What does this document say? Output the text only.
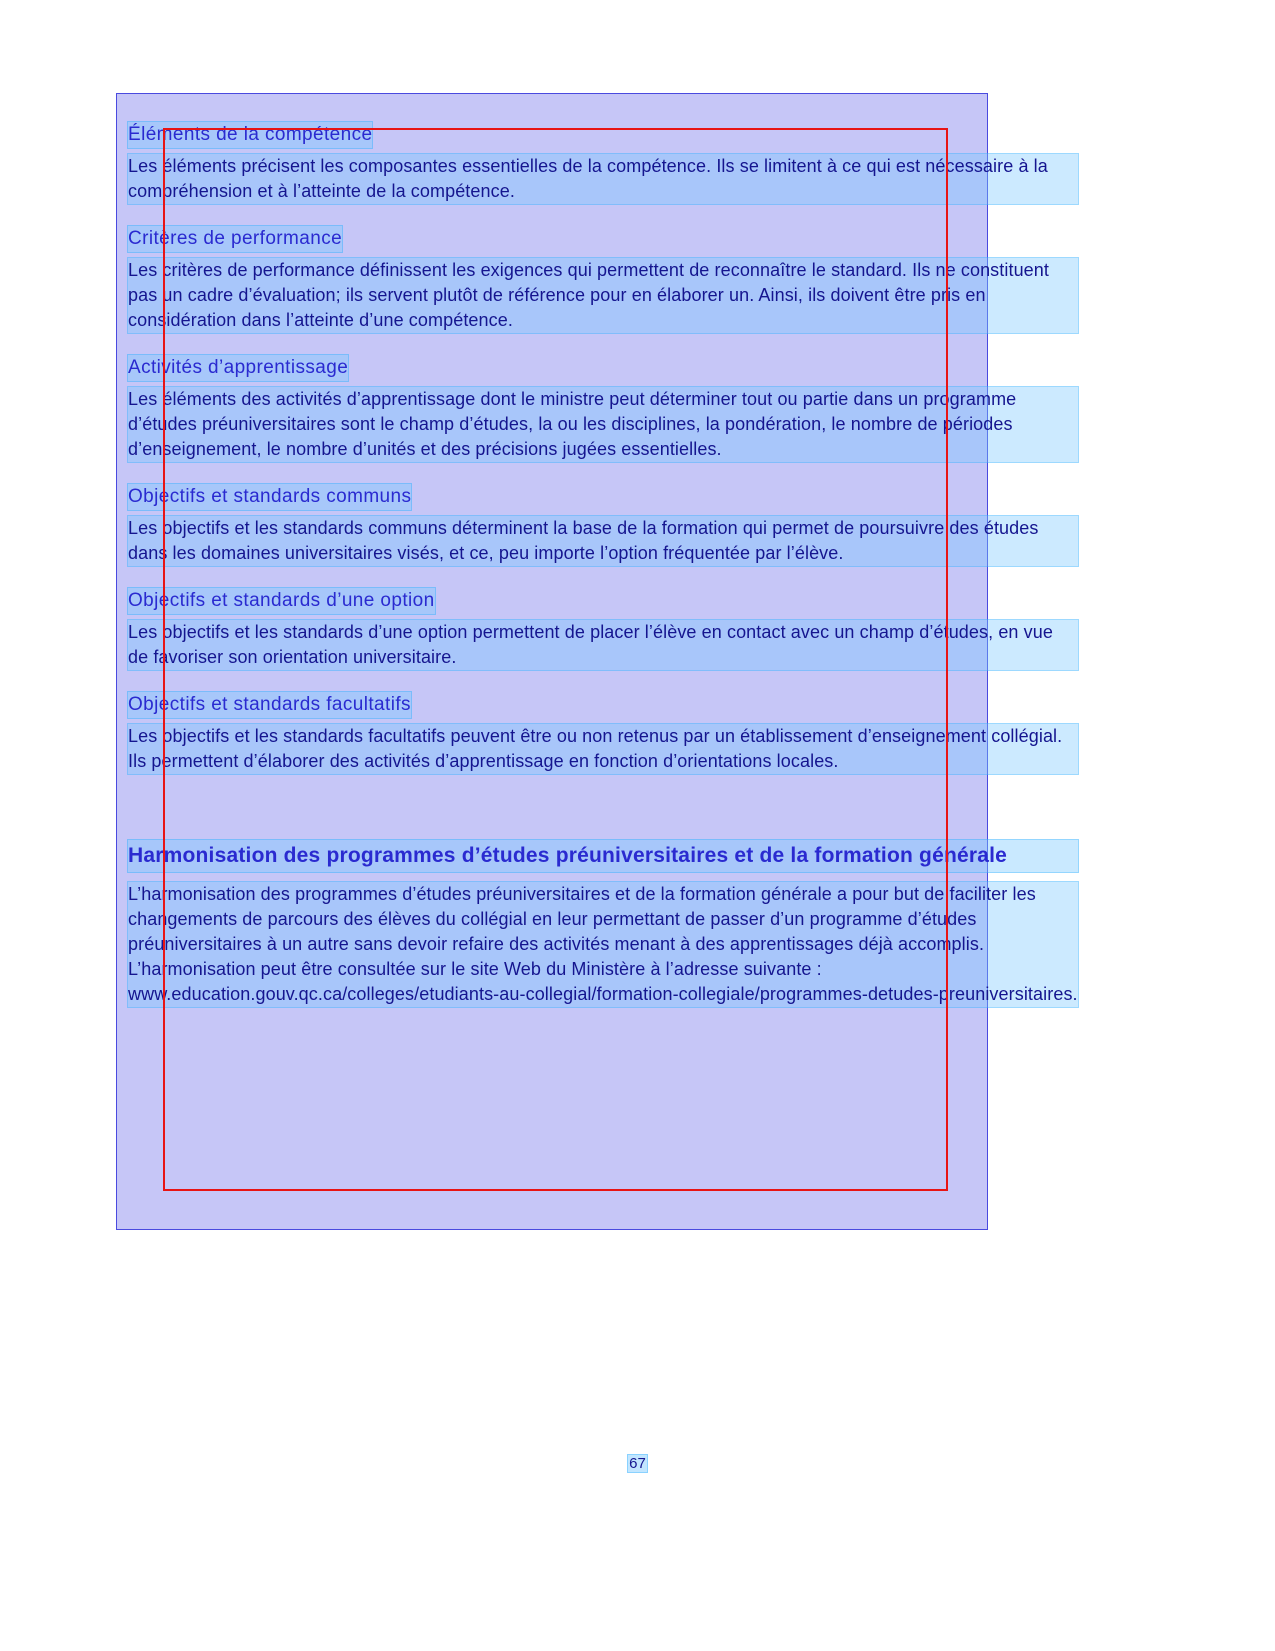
Éléments de la compétence

Les éléments précisent les composantes essentielles de la compétence. Ils se limitent à ce qui est nécessaire à la compréhension et à l’atteinte de la compétence.

Critères de performance

Les critères de performance définissent les exigences qui permettent de reconnaître le standard. Ils ne constituent pas un cadre d’évaluation; ils servent plutôt de référence pour en élaborer un. Ainsi, ils doivent être pris en considération dans l’atteinte d’une compétence.

Activités d’apprentissage

Les éléments des activités d’apprentissage dont le ministre peut déterminer tout ou partie dans un programme d’études préuniversitaires sont le champ d’études, la ou les disciplines, la pondération, le nombre de périodes d’enseignement, le nombre d’unités et des précisions jugées essentielles.

Objectifs et standards communs

Les objectifs et les standards communs déterminent la base de la formation qui permet de poursuivre des études dans les domaines universitaires visés, et ce, peu importe l’option fréquentée par l’élève.

Objectifs et standards d’une option

Les objectifs et les standards d’une option permettent de placer l’élève en contact avec un champ d’études, en vue de favoriser son orientation universitaire.

Objectifs et standards facultatifs

Les objectifs et les standards facultatifs peuvent être ou non retenus par un établissement d’enseignement collégial. Ils permettent d’élaborer des activités d’apprentissage en fonction d’orientations locales.

Harmonisation des programmes d’études préuniversitaires et de la formation générale

L’harmonisation des programmes d’études préuniversitaires et de la formation générale a pour but de faciliter les changements de parcours des élèves du collégial en leur permettant de passer d’un programme d’études préuniversitaires à un autre sans devoir refaire des activités menant à des apprentissages déjà accomplis. L’harmonisation peut être consultée sur le site Web du Ministère à l’adresse suivante :
www.education.gouv.qc.ca/colleges/etudiants-au-collegial/formation-collegiale/programmes-detudes-preuniversitaires.

67
